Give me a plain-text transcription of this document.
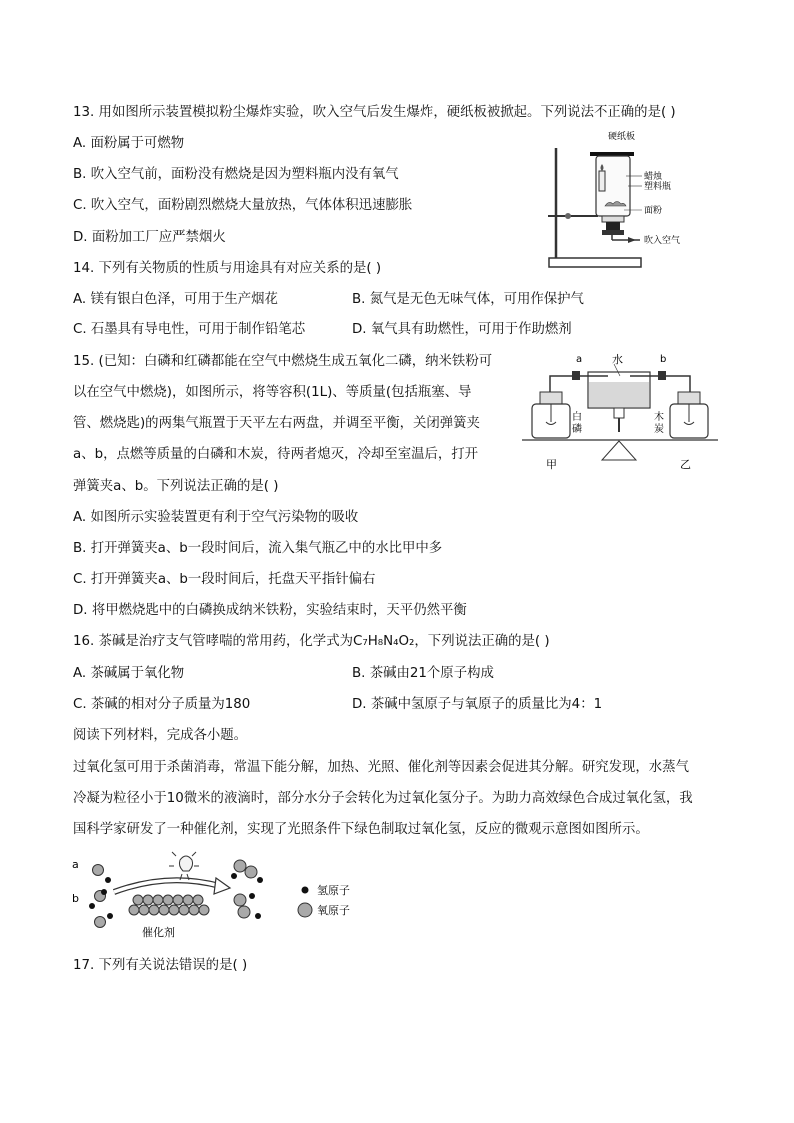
13. 用如图所示装置模拟粉尘爆炸实验，吹入空气后发生爆炸，硬纸板被掀起。下列说法不正确的是( )
A. 面粉属于可燃物
B. 吹入空气前，面粉没有燃烧是因为塑料瓶内没有氧气
C. 吹入空气，面粉剧烈燃烧大量放热，气体体积迅速膨胀
D. 面粉加工厂应严禁烟火
硬纸板
蜡烛
塑料瓶
面粉
吹入空气
14. 下列有关物质的性质与用途具有对应关系的是( )
A. 镁有银白色泽，可用于生产烟花	B. 氮气是无色无味气体，可用作保护气
C. 石墨具有导电性，可用于制作铅笔芯	D. 氧气具有助燃性，可用于作助燃剂
15. (已知：白磷和红磷都能在空气中燃烧生成五氧化二磷，纳米铁粉可
以在空气中燃烧)，如图所示，将等容积(1L)、等质量(包括瓶塞、导
管、燃烧匙)的两集气瓶置于天平左右两盘，并调至平衡，关闭弹簧夹
a、b，点燃等质量的白磷和木炭，待两者熄灭，冷却至室温后，打开
弹簧夹a、b。下列说法正确的是( )
A. 如图所示实验装置更有利于空气污染物的吸收
B. 打开弹簧夹a、b一段时间后，流入集气瓶乙中的水比甲中多
C. 打开弹簧夹a、b一段时间后，托盘天平指针偏右
D. 将甲燃烧匙中的白磷换成纳米铁粉，实验结束时，天平仍然平衡
水
a	b
白
磷
木
炭
甲	乙
16. 茶碱是治疗支气管哮喘的常用药，化学式为C₇H₈N₄O₂，下列说法正确的是( )
A. 茶碱属于氧化物	B. 茶碱由21个原子构成
C. 茶碱的相对分子质量为180	D. 茶碱中氢原子与氧原子的质量比为4：1
阅读下列材料，完成各小题。
过氧化氢可用于杀菌消毒，常温下能分解，加热、光照、催化剂等因素会促进其分解。研究发现，水蒸气
冷凝为粒径小于10微米的液滴时，部分水分子会转化为过氧化氢分子。为助力高效绿色合成过氧化氢，我
国科学家研发了一种催化剂，实现了光照条件下绿色制取过氧化氢，反应的微观示意图如图所示。
a
b
催化剂
氢原子
氧原子
17. 下列有关说法错误的是( )
